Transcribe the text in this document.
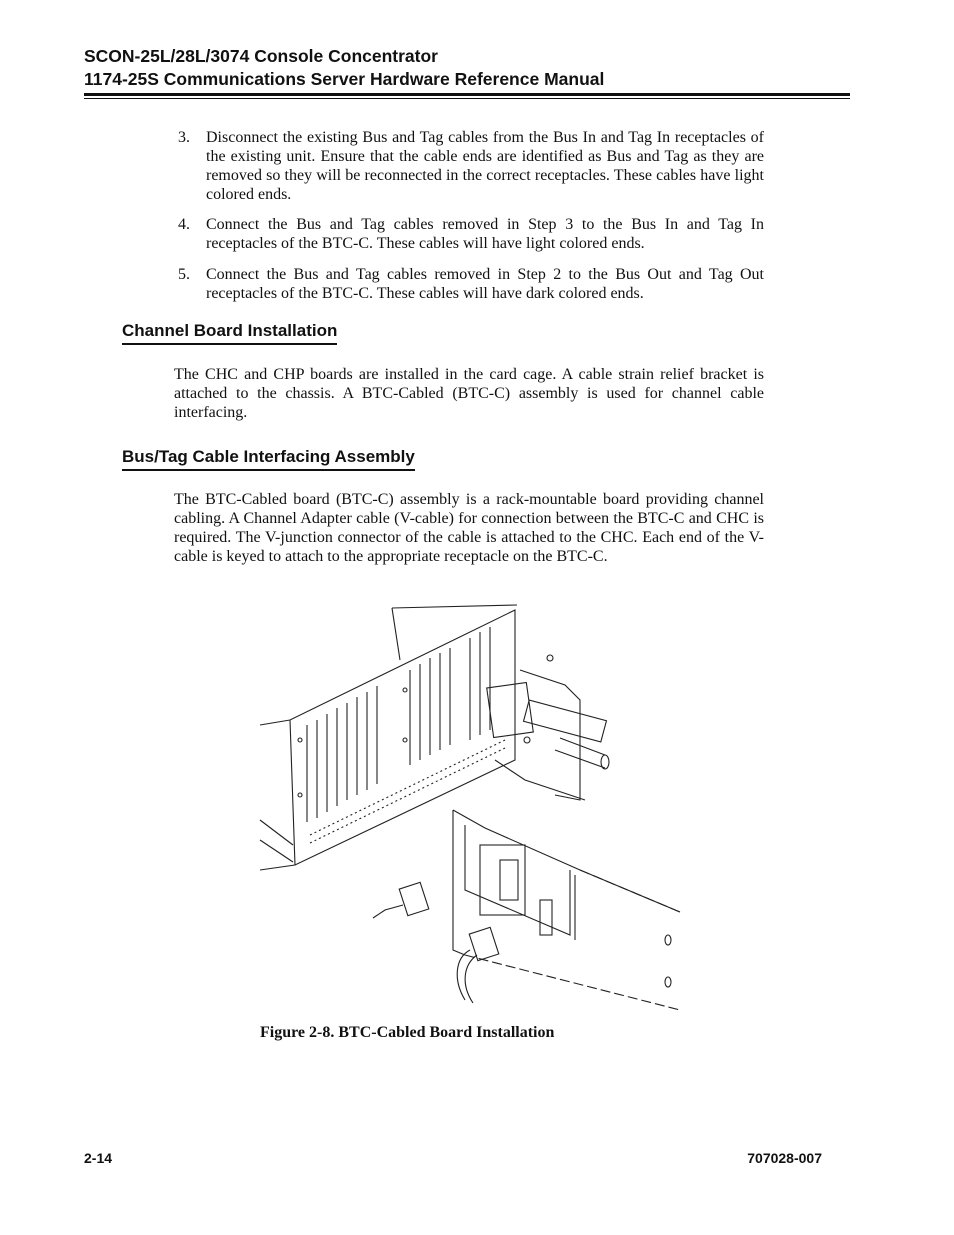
SCON-25L/28L/3074 Console Concentrator

1174-25S Communications Server Hardware Reference Manual

3. Disconnect the existing Bus and Tag cables from the Bus In and Tag In receptacles of the existing unit. Ensure that the cable ends are identified as Bus and Tag as they are removed so they will be reconnected in the correct receptacles. These cables have light colored ends.
4. Connect the Bus and Tag cables removed in Step 3 to the Bus In and Tag In receptacles of the BTC-C. These cables will have light colored ends.
5. Connect the Bus and Tag cables removed in Step 2 to the Bus Out and Tag Out receptacles of the BTC-C. These cables will have dark colored ends.
Channel Board Installation

The CHC and CHP boards are installed in the card cage. A cable strain relief bracket is attached to the chassis. A BTC-Cabled (BTC-C) assembly is used for channel cable interfacing.

Bus/Tag Cable Interfacing Assembly

The BTC-Cabled board (BTC-C) assembly is a rack-mountable board providing channel cabling. A Channel Adapter cable (V-cable) for connection between the BTC-C and CHC is required. The V-junction connector of the cable is attached to the CHC. Each end of the V-cable is keyed to attach to the appropriate receptacle on the BTC-C.

Figure 2-8. BTC-Cabled Board Installation
2-14	707028-007
